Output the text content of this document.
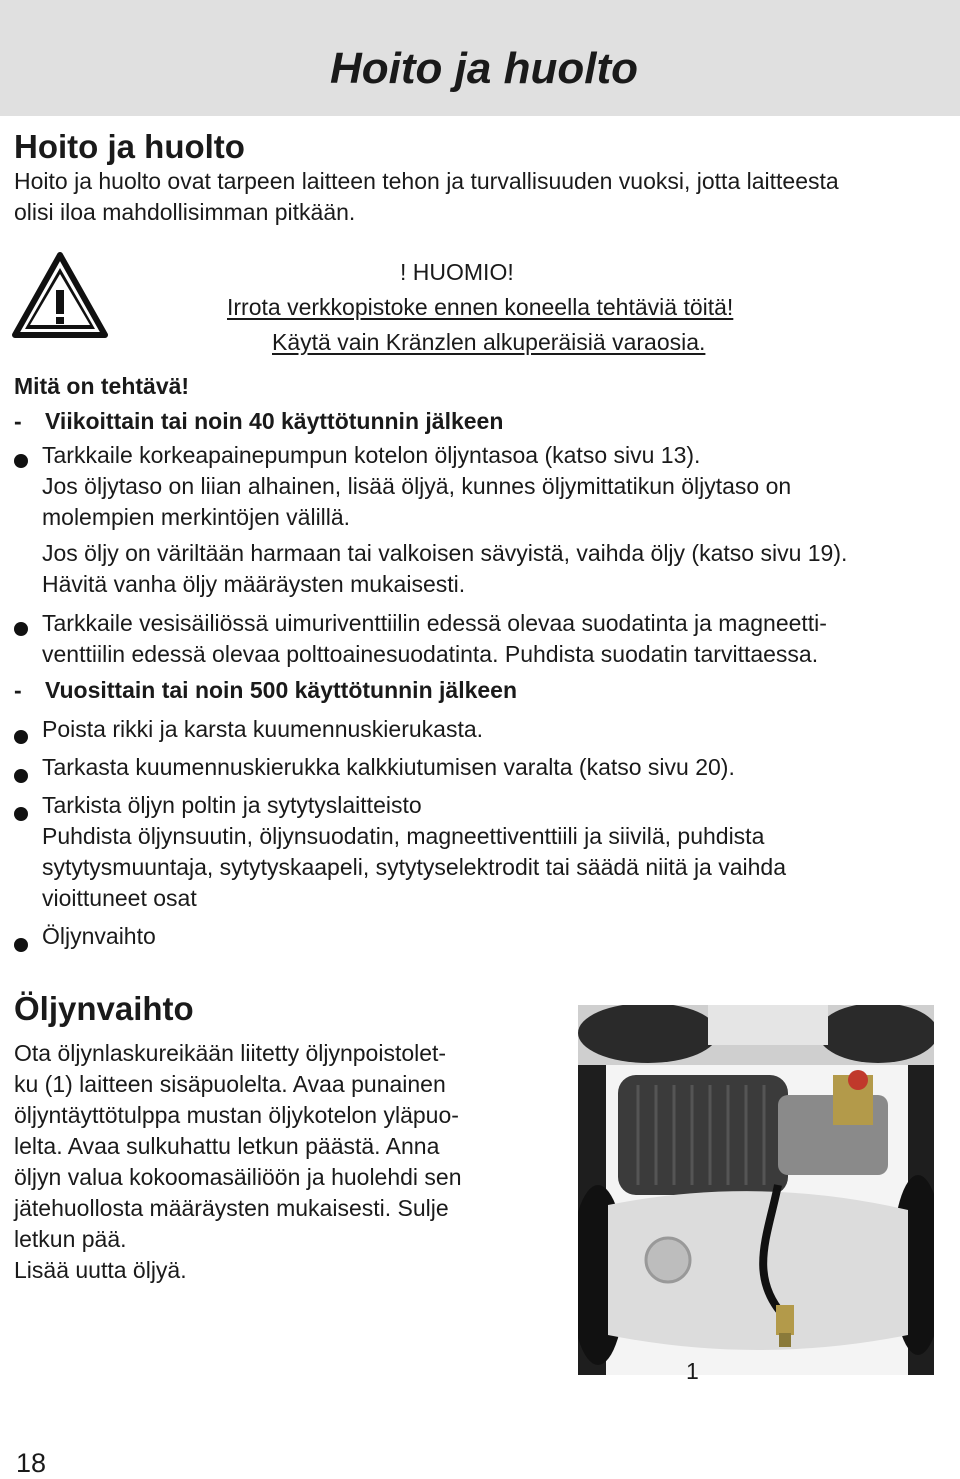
Hoito ja huolto
Hoito ja huolto
Hoito ja huolto ovat tarpeen laitteen tehon ja turvallisuuden vuoksi, jotta laitteesta
olisi iloa mahdollisimman pitkään.
! HUOMIO!
Irrota verkkopistoke ennen koneella tehtäviä töitä!
Käytä vain Kränzlen alkuperäisiä varaosia.
Mitä on tehtävä!
- Viikoittain tai noin 40 käyttötunnin jälkeen
Tarkkaile korkeapainepumpun kotelon öljyntasoa (katso sivu 13).
Jos öljytaso on liian alhainen, lisää öljyä, kunnes öljymittatikun öljytaso on
molempien merkintöjen välillä.
Jos öljy on väriltään harmaan tai valkoisen sävyistä, vaihda öljy (katso sivu 19).
Hävitä vanha öljy määräysten mukaisesti.
Tarkkaile vesisäiliössä uimuriventtiilin edessä olevaa suodatinta ja magneetti-
venttiilin edessä olevaa polttoainesuodatinta. Puhdista suodatin tarvittaessa.
- Vuosittain tai noin 500 käyttötunnin jälkeen
Poista rikki ja karsta kuumennuskierukasta.
Tarkasta kuumennuskierukka kalkkiutumisen varalta (katso sivu 20).
Tarkista öljyn poltin ja sytytyslaitteisto
Puhdista öljynsuutin, öljynsuodatin, magneettiventtiili ja siivilä, puhdista
sytytysmuuntaja, sytytyskaapeli, sytytyselektrodit tai säädä niitä ja vaihda
vioittuneet osat
Öljynvaihto
Öljynvaihto
Ota öljynlaskureikään liitetty öljynpoistolet-
ku (1) laitteen sisäpuolelta. Avaa punainen
öljyntäyttötulppa mustan öljykotelon yläpuo-
lelta. Avaa sulkuhattu letkun päästä. Anna
öljyn valua kokoomasäiliöön ja huolehdi sen
jätehuollosta määräysten mukaisesti. Sulje
letkun pää.
Lisää uutta öljyä.
1
18
